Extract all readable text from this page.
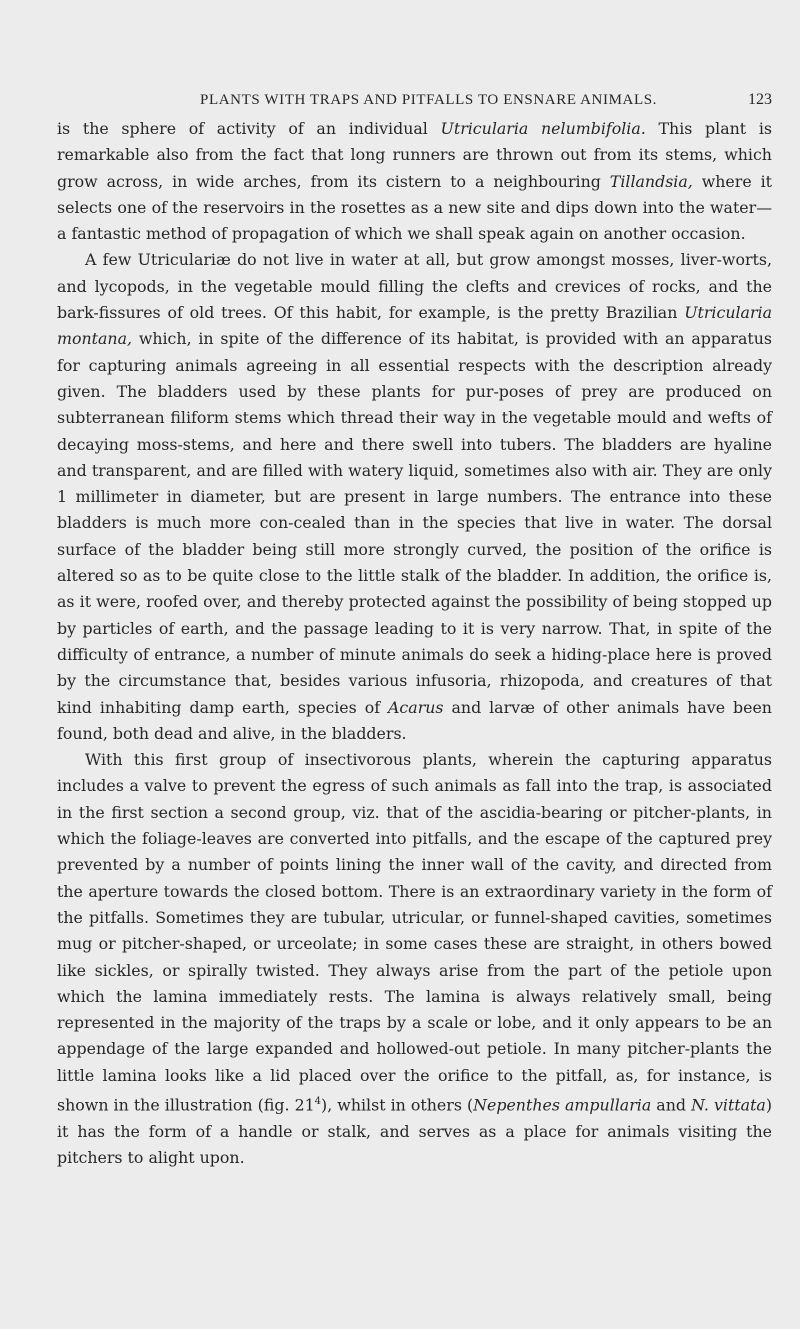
PLANTS WITH TRAPS AND PITFALLS TO ENSNARE ANIMALS.	123

is the sphere of activity of an individual Utricularia nelumbifolia. This plant is remarkable also from the fact that long runners are thrown out from its stems, which grow across, in wide arches, from its cistern to a neighbouring Tillandsia, where it selects one of the reservoirs in the rosettes as a new site and dips down into the water—a fantastic method of propagation of which we shall speak again on another occasion.

A few Utriculariæ do not live in water at all, but grow amongst mosses, liver-worts, and lycopods, in the vegetable mould filling the clefts and crevices of rocks, and the bark-fissures of old trees. Of this habit, for example, is the pretty Brazilian Utricularia montana, which, in spite of the difference of its habitat, is provided with an apparatus for capturing animals agreeing in all essential respects with the description already given. The bladders used by these plants for pur-poses of prey are produced on subterranean filiform stems which thread their way in the vegetable mould and wefts of decaying moss-stems, and here and there swell into tubers. The bladders are hyaline and transparent, and are filled with watery liquid, sometimes also with air. They are only 1 millimeter in diameter, but are present in large numbers. The entrance into these bladders is much more con-cealed than in the species that live in water. The dorsal surface of the bladder being still more strongly curved, the position of the orifice is altered so as to be quite close to the little stalk of the bladder. In addition, the orifice is, as it were, roofed over, and thereby protected against the possibility of being stopped up by particles of earth, and the passage leading to it is very narrow. That, in spite of the difficulty of entrance, a number of minute animals do seek a hiding-place here is proved by the circumstance that, besides various infusoria, rhizopoda, and creatures of that kind inhabiting damp earth, species of Acarus and larvæ of other animals have been found, both dead and alive, in the bladders.

With this first group of insectivorous plants, wherein the capturing apparatus includes a valve to prevent the egress of such animals as fall into the trap, is associated in the first section a second group, viz. that of the ascidia-bearing or pitcher-plants, in which the foliage-leaves are converted into pitfalls, and the escape of the captured prey prevented by a number of points lining the inner wall of the cavity, and directed from the aperture towards the closed bottom. There is an extraordinary variety in the form of the pitfalls. Sometimes they are tubular, utricular, or funnel-shaped cavities, sometimes mug or pitcher-shaped, or urceolate; in some cases these are straight, in others bowed like sickles, or spirally twisted. They always arise from the part of the petiole upon which the lamina immediately rests. The lamina is always relatively small, being represented in the majority of the traps by a scale or lobe, and it only appears to be an appendage of the large expanded and hollowed-out petiole. In many pitcher-plants the little lamina looks like a lid placed over the orifice to the pitfall, as, for instance, is shown in the illustration (fig. $21^4$), whilst in others (Nepenthes ampullaria and N. vittata) it has the form of a handle or stalk, and serves as a place for animals visiting the pitchers to alight upon.
